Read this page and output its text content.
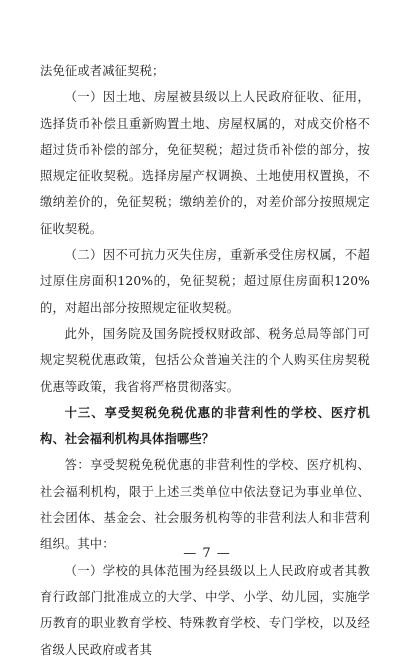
法免征或者减征契税；

（一）因土地、房屋被县级以上人民政府征收、征用，选择货币补偿且重新购置土地、房屋权属的，对成交价格不超过货币补偿的部分，免征契税；超过货币补偿的部分，按照规定征收契税。选择房屋产权调换、土地使用权置换，不缴纳差价的，免征契税；缴纳差价的，对差价部分按照规定征收契税。

（二）因不可抗力灭失住房，重新承受住房权属，不超过原住房面积120%的，免征契税；超过原住房面积120%的，对超出部分按照规定征收契税。

此外，国务院及国务院授权财政部、税务总局等部门可规定契税优惠政策，包括公众普遍关注的个人购买住房契税优惠等政策，我省将严格贯彻落实。

十三、享受契税免税优惠的非营利性的学校、医疗机构、社会福利机构具体指哪些？

答：享受契税免税优惠的非营利性的学校、医疗机构、社会福利机构，限于上述三类单位中依法登记为事业单位、社会团体、基金会、社会服务机构等的非营利法人和非营利组织。其中：

（一）学校的具体范围为经县级以上人民政府或者其教育行政部门批准成立的大学、中学、小学、幼儿园，实施学历教育的职业教育学校、特殊教育学校、专门学校，以及经省级人民政府或者其

— 7 —
